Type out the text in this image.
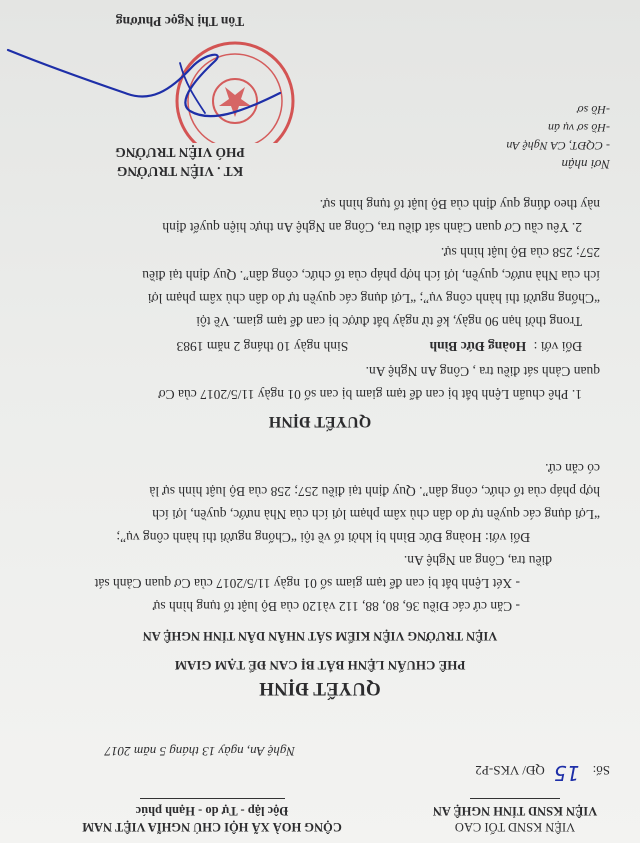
VIỆN KSND TỐI CAO
VIỆN KSND TỈNH NGHỆ AN
CỘNG HOÀ XÃ HỘI CHỦ NGHĨA VIỆT NAM
Độc lập - Tự do - Hạnh phúc
Số: 15 QĐ/ VKS-P2
Nghệ An, ngày 13 tháng 5 năm 2017
QUYẾT ĐỊNH
PHÊ CHUẨN LỆNH BẮT BỊ CAN ĐỂ TẠM GIAM
VIỆN TRƯỞNG VIỆN KIỂM SÁT NHÂN DÂN TỈNH NGHỆ AN
- Căn cứ các Điều 36, 80, 88, 112 và120 của Bộ luật tố tụng hình sự
- Xét Lệnh bắt bị can để tạm giam số 01 ngày 11/5/2017 của Cơ quan Cảnh sát
điều tra, Công an Nghệ An.
Đối với: Hoàng Đức Bình bị khởi tố về tội “Chống người thi hành công vụ”;
“Lợi dụng các quyền tự do dân chủ xâm phạm lợi ích của Nhà nước, quyền, lợi ích
hợp pháp của tổ chức, công dân”. Quy định tại điều 257; 258 của Bộ luật hình sự là
có căn cứ.
QUYẾT ĐỊNH
1. Phê chuẩn Lệnh bắt bị can để tạm giam bị can số 01 ngày 11/5/2017 của Cơ
quan Cảnh sát điều tra , Công An Nghệ An.
Đối với : Hoàng Đức Bình Sinh ngày 10 tháng 2 năm 1983
Trong thời hạn 90 ngày, kể từ ngày bắt được bị can để tạm giam. Về tội
“Chống người thi hành công vụ”; “Lợi dụng các quyền tự do dân chủ xâm phạm lợi
ích của Nhà nước, quyền, lợi ích hợp pháp của tổ chức, công dân”. Quy định tại điều
257; 258 của Bộ luật hình sự.
2. Yêu cầu Cơ quan Cảnh sát điều tra, Công an Nghệ An thực hiện quyết định
này theo đúng quy định của Bộ luật tố tụng hình sự.
Nơi nhận
- CQĐT, CA Nghệ An
-Hồ sơ vụ án
-Hồ sơ
KT . VIỆN TRƯỞNG
PHÓ VIỆN TRƯỞNG
Tôn Thị Ngọc Phương
